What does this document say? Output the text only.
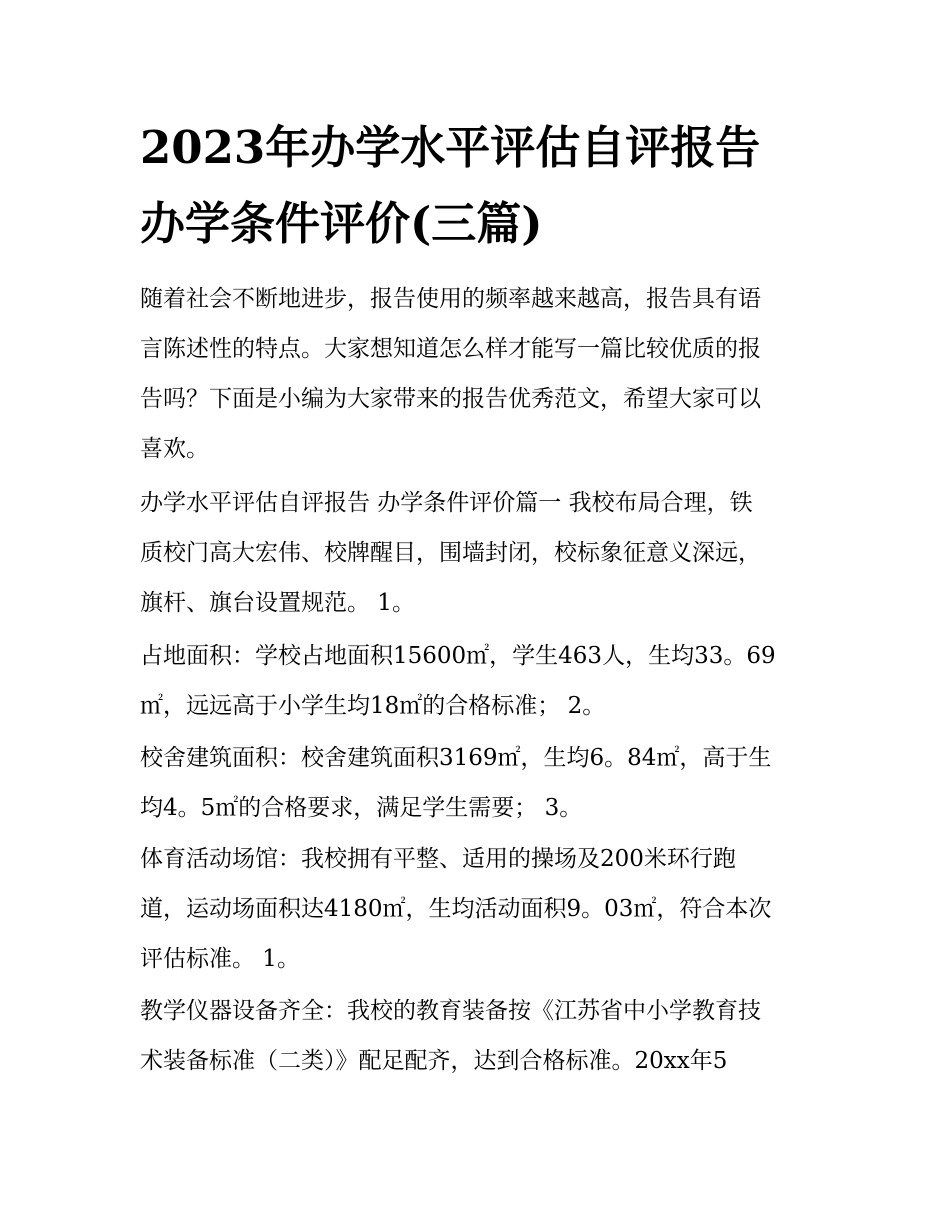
2023年办学水平评估自评报告
办学条件评价(三篇)
随着社会不断地进步，报告使用的频率越来越高，报告具有语
言陈述性的特点。大家想知道怎么样才能写一篇比较优质的报
告吗？下面是小编为大家带来的报告优秀范文，希望大家可以
喜欢。
办学水平评估自评报告 办学条件评价篇一 我校布局合理，铁
质校门高大宏伟、校牌醒目，围墙封闭，校标象征意义深远，
旗杆、旗台设置规范。 1。
占地面积：学校占地面积15600㎡，学生463人，生均33。69
㎡，远远高于小学生均18㎡的合格标准； 2。
校舍建筑面积：校舍建筑面积3169㎡，生均6。84㎡，高于生
均4。5㎡的合格要求，满足学生需要； 3。
体育活动场馆：我校拥有平整、适用的操场及200米环行跑
道，运动场面积达4180㎡，生均活动面积9。03㎡，符合本次
评估标准。 1。
教学仪器设备齐全：我校的教育装备按《江苏省中小学教育技
术装备标准（二类）》配足配齐，达到合格标准。20xx年5
